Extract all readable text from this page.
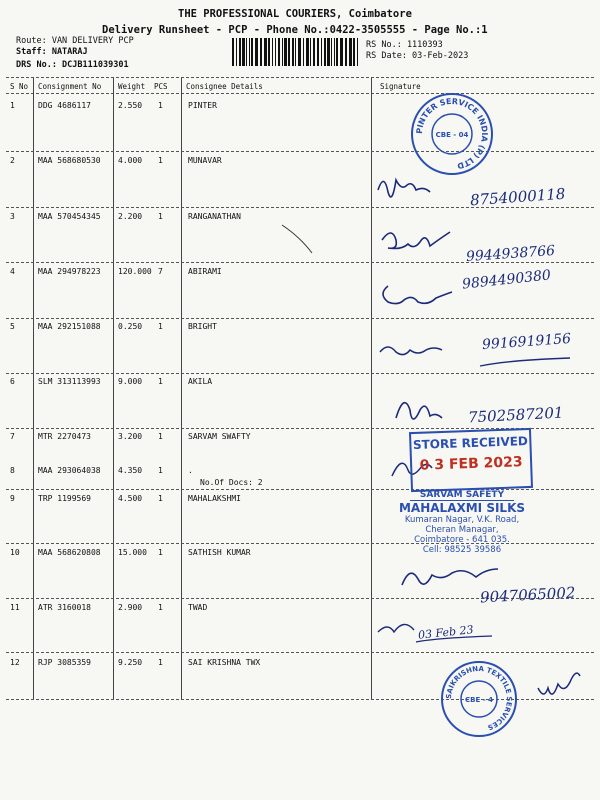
THE PROFESSIONAL COURIERS, Coimbatore
Delivery Runsheet - PCP - Phone No.:0422-3505555 - Page No.:1
Route: VAN DELIVERY PCP
Staff: NATARAJ
DRS No.: DCJB111039301
RS No.: 1110393
RS Date: 03-Feb-2023
S No Consignment No Weight PCS Consignee Details	Signature
1	DDG 4686117	2.550 1	PINTER
2	MAA 568680530 4.000 1	MUNAVAR
3	MAA 570454345 2.200 1	RANGANATHAN
4	MAA 294978223 120.000 7	ABIRAMI
5	MAA 292151088 0.250 1	BRIGHT
6	SLM 313113993 9.000 1	AKILA
7	MTR 2270473	3.200 1	SARVAM SWAFTY
8	MAA 293064038 4.350 1	.
9	TRP 1199569	4.500 1	MAHALAKSHMI
10 MAA 568620808 15.000 1	SATHISH KUMAR
11 ATR 3160018	2.900 1	TWAD
12 RJP 3085359	9.250 1	SAI KRISHNA TWX
No.Of Docs: 2
8754000118
9944938766
9894490380
9916919156
7502587201
9047065002
03 Feb 23
PINTER SERVICE INDIA (P) LTD
CBE - 04
STORE RECEIVED
0 3 FEB 2023
SARVAM SAFETY
MAHALAXMI SILKS
Kumaran Nagar, V.K. Road,
Cheran Managar,
Coimbatore - 641 035.
Cell: 98525 39586
SAIKRISHNA TEXTILE SERVICES
CBE - 4
